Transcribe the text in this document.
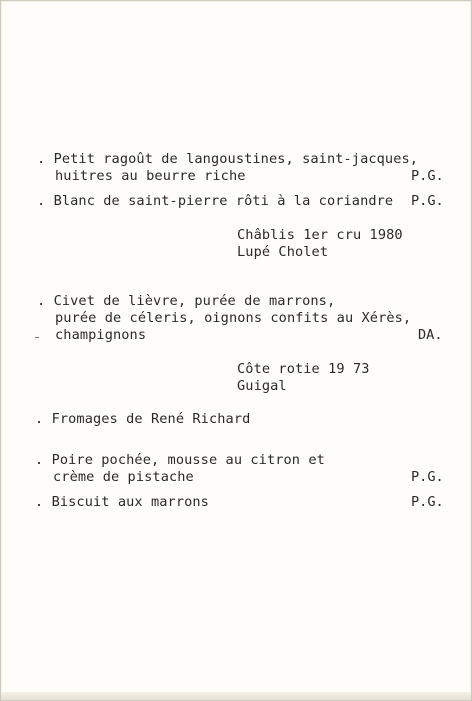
. Petit ragoût de langoustines, saint-jacques,
huitres au beurre riche	P.G.
. Blanc de saint-pierre rôti à la coriandre P.G.
Châblis 1er cru 1980
Lupé Cholet
. Civet de lièvre, purée de marrons,
purée de céleris, oignons confits au Xérès,
champignons	DA.
Côte rotie 19 73
Guigal
. Fromages de René Richard
. Poire pochée, mousse au citron et
crème de pistache	P.G.
. Biscuit aux marrons	P.G.
